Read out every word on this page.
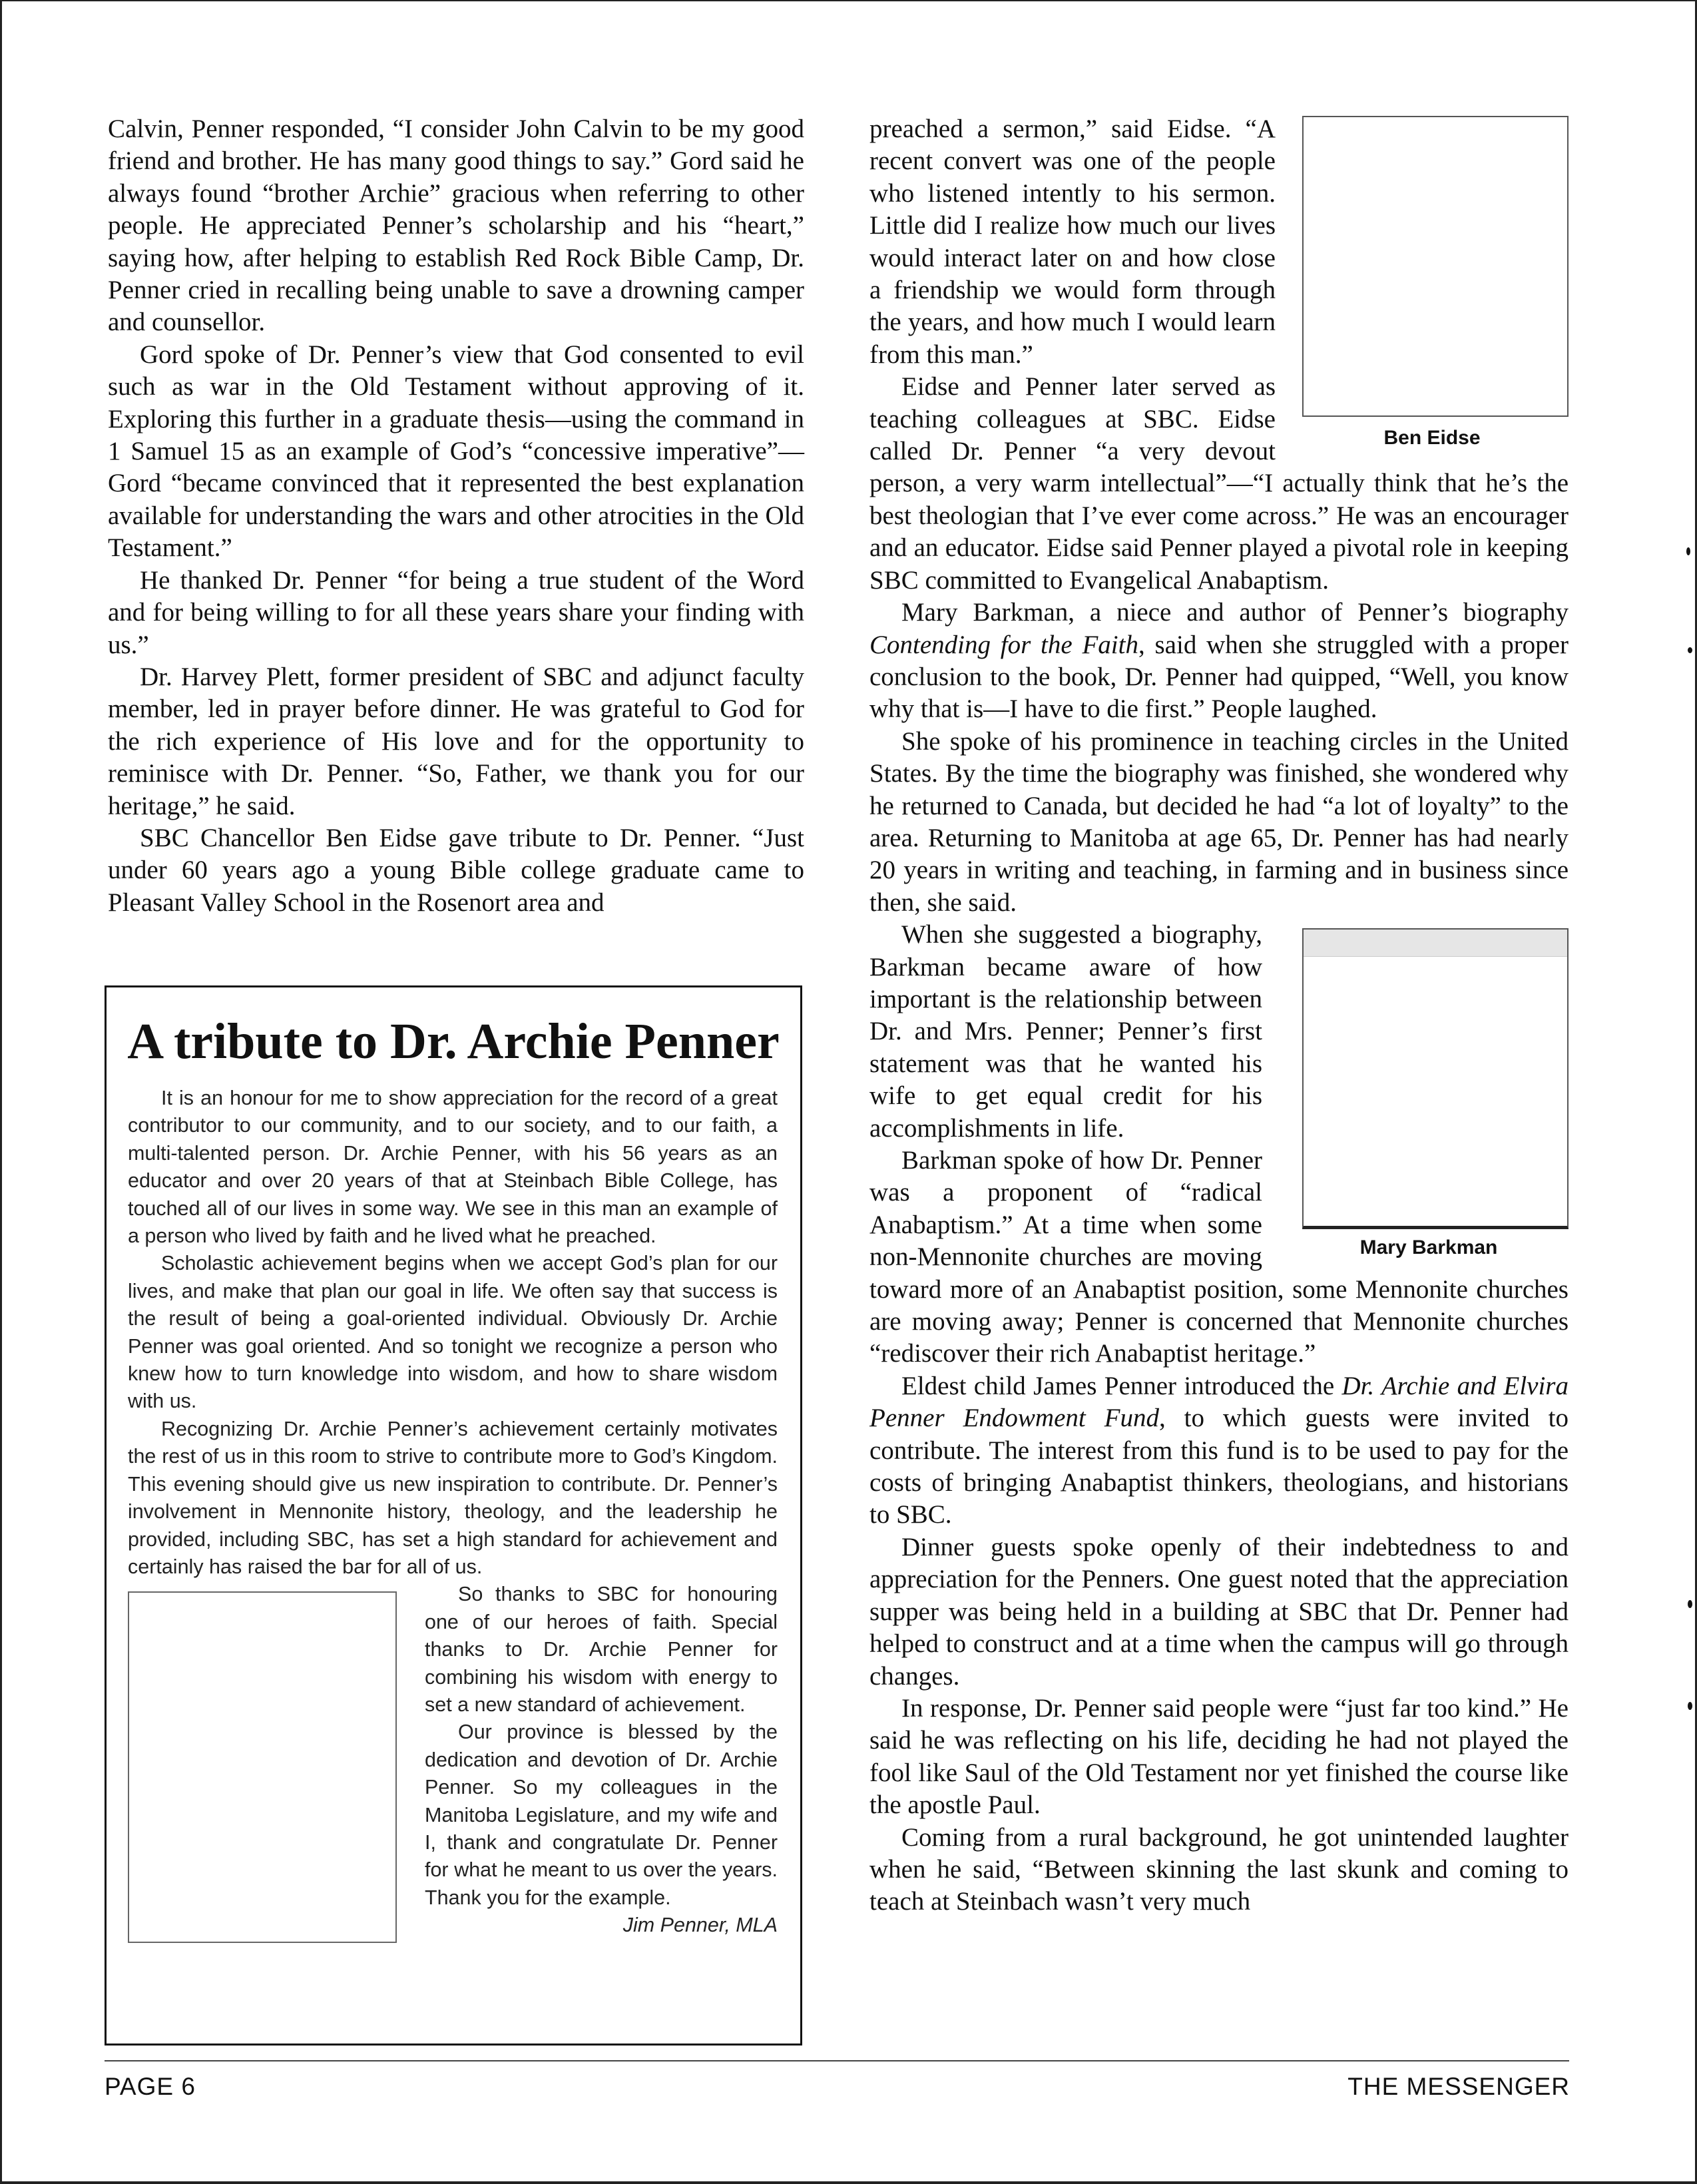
Calvin, Penner responded, “I consider John Calvin to be my good friend and brother. He has many good things to say.” Gord said he always found “brother Archie” gracious when referring to other people. He appreciated Penner’s scholarship and his “heart,” saying how, after helping to establish Red Rock Bible Camp, Dr. Penner cried in recalling being unable to save a drowning camper and counsellor.

Gord spoke of Dr. Penner’s view that God consented to evil such as war in the Old Testament without approving of it. Exploring this further in a graduate thesis—using the command in 1 Samuel 15 as an example of God’s “concessive imperative”—Gord “became convinced that it represented the best explanation available for understanding the wars and other atrocities in the Old Testament.”

He thanked Dr. Penner “for being a true student of the Word and for being willing to for all these years share your finding with us.”

Dr. Harvey Plett, former president of SBC and adjunct faculty member, led in prayer before dinner. He was grateful to God for the rich experience of His love and for the opportunity to reminisce with Dr. Penner. “So, Father, we thank you for our heritage,” he said.

SBC Chancellor Ben Eidse gave tribute to Dr. Penner. “Just under 60 years ago a young Bible college graduate came to Pleasant Valley School in the Rosenort area and

A tribute to Dr. Archie Penner

It is an honour for me to show appreciation for the record of a great contributor to our community, and to our society, and to our faith, a multi-talented person. Dr. Archie Penner, with his 56 years as an educator and over 20 years of that at Steinbach Bible College, has touched all of our lives in some way. We see in this man an example of a person who lived by faith and he lived what he preached.

Scholastic achievement begins when we accept God’s plan for our lives, and make that plan our goal in life. We often say that success is the result of being a goal-oriented individual. Obviously Dr. Archie Penner was goal oriented. And so tonight we recognize a person who knew how to turn knowledge into wisdom, and how to share wisdom with us.

Recognizing Dr. Archie Penner’s achievement certainly motivates the rest of us in this room to strive to contribute more to God’s Kingdom. This evening should give us new inspiration to contribute. Dr. Penner’s involvement in Mennonite history, theology, and the leadership he provided, including SBC, has set a high standard for achievement and certainly has raised the bar for all of us.

So thanks to SBC for honouring one of our heroes of faith. Special thanks to Dr. Archie Penner for combining his wisdom with energy to set a new standard of achievement.

Our province is blessed by the dedication and devotion of Dr. Archie Penner. So my colleagues in the Manitoba Legislature, and my wife and I, thank and congratulate Dr. Penner for what he meant to us over the years. Thank you for the example.

Jim Penner, MLA

Ben Eidse

preached a sermon,” said Eidse. “A recent convert was one of the people who listened intently to his sermon. Little did I realize how much our lives would interact later on and how close a friendship we would form through the years, and how much I would learn from this man.”

Eidse and Penner later served as teaching colleagues at SBC. Eidse called Dr. Penner “a very devout person, a very warm intellectual”—“I actually think that he’s the best theologian that I’ve ever come across.” He was an encourager and an educator. Eidse said Penner played a pivotal role in keeping SBC committed to Evangelical Anabaptism.

Mary Barkman, a niece and author of Penner’s biography Contending for the Faith, said when she struggled with a proper conclusion to the book, Dr. Penner had quipped, “Well, you know why that is—I have to die first.” People laughed.

She spoke of his prominence in teaching circles in the United States. By the time the biography was finished, she wondered why he returned to Canada, but decided he had “a lot of loyalty” to the area. Returning to Manitoba at age 65, Dr. Penner has had nearly 20 years in writing and teaching, in farming and in business since then, she said.

Mary Barkman

When she suggested a biography, Barkman became aware of how important is the relationship between Dr. and Mrs. Penner; Penner’s first statement was that he wanted his wife to get equal credit for his accomplishments in life.

Barkman spoke of how Dr. Penner was a proponent of “radical Anabaptism.” At a time when some non-Mennonite churches are moving toward more of an Anabaptist position, some Mennonite churches are moving away; Penner is concerned that Mennonite churches “rediscover their rich Anabaptist heritage.”

Eldest child James Penner introduced the Dr. Archie and Elvira Penner Endowment Fund, to which guests were invited to contribute. The interest from this fund is to be used to pay for the costs of bringing Anabaptist thinkers, theologians, and historians to SBC.

Dinner guests spoke openly of their indebtedness to and appreciation for the Penners. One guest noted that the appreciation supper was being held in a building at SBC that Dr. Penner had helped to construct and at a time when the campus will go through changes.

In response, Dr. Penner said people were “just far too kind.” He said he was reflecting on his life, deciding he had not played the fool like Saul of the Old Testament nor yet finished the course like the apostle Paul.

Coming from a rural background, he got unintended laughter when he said, “Between skinning the last skunk and coming to teach at Steinbach wasn’t very much

PAGE 6	THE MESSENGER
